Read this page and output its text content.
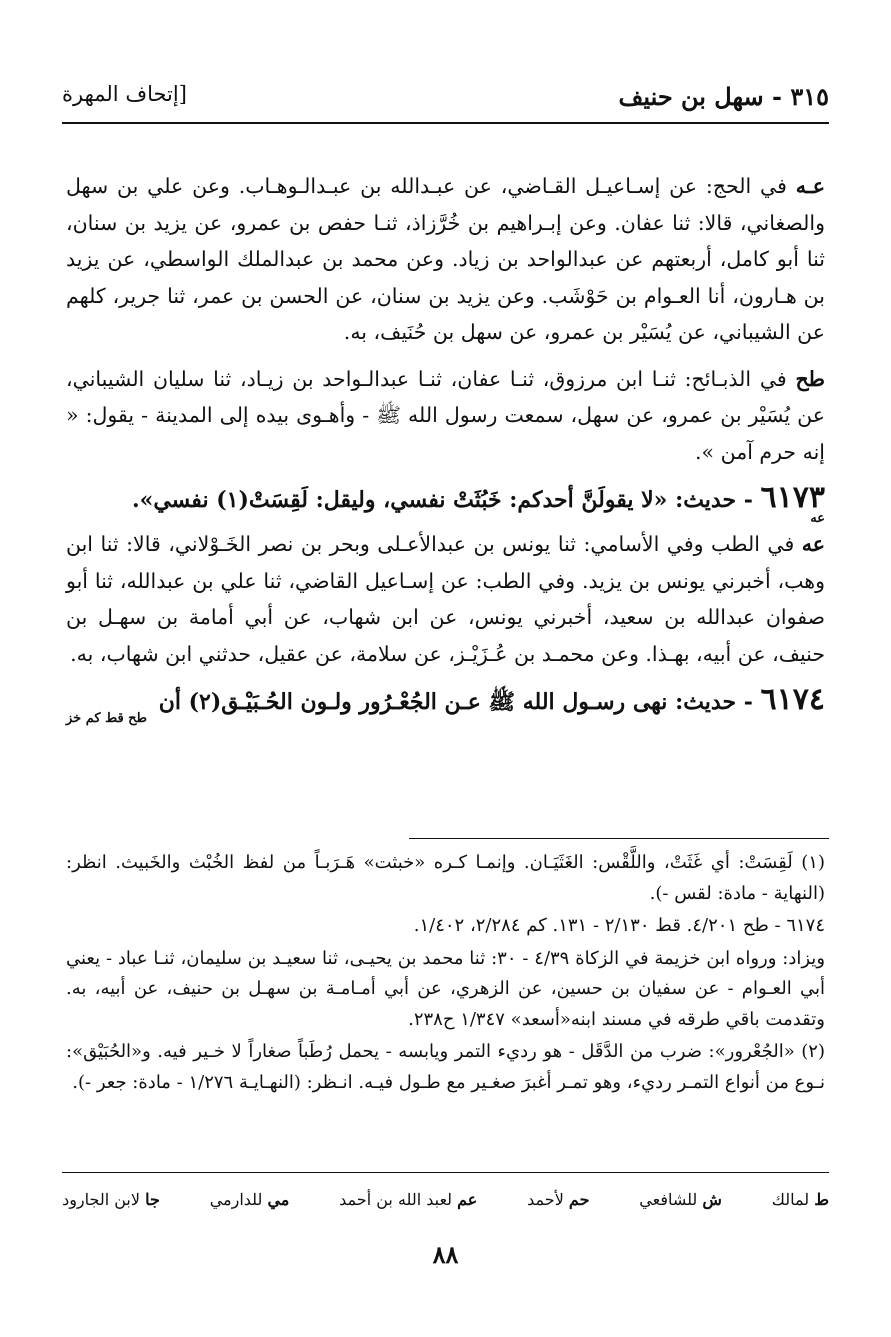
٣١٥ - سهل بن حنيف
[إتحاف المهرة

عـه في الحج: عن إسـاعيـل القـاضي، عن عبـدالله بن عبـدالـوهـاب. وعن علي بن سهل والصغاني، قالا: ثنا عفان. وعن إبـراهيم بن خُرَّزاذ، ثنـا حفص بن عمرو، عن يزيد بن سنان، ثنا أبو كامل، أربعتهم عن عبدالواحد بن زياد. وعن محمد بن عبدالملك الواسطي، عن يزيد بن هـارون، أنا العـوام بن حَوْشَب. وعن يزيد بن سنان، عن الحسن بن عمر، ثنا جرير، كلهم عن الشيباني، عن يُسَيْر بن عمرو، عن سهل بن حُنَيف، به.

طح في الذبـائح: ثنـا ابن مرزوق، ثنـا عفان، ثنـا عبدالـواحد بن زيـاد، ثنا سليان الشيباني، عن يُسَيْر بن عمرو، عن سهل، سمعت رسول الله ﷺ - وأهـوى بيده إلى المدينة - يقول: « إنه حرم آمن ».

٦١٧٣ - حديث: «لا يقولَنَّ أحدكم: خَبُثَتْ نفسي، وليقل: لَقِسَتْ(١) نفسي».

عه

عه في الطب وفي الأسامي: ثنا يونس بن عبدالأعـلى وبحر بن نصر الخَـوْلاني، قالا: ثنا ابن وهب، أخبرني يونس بن يزيد. وفي الطب: عن إسـاعيل القاضي، ثنا علي بن عبدالله، ثنا أبو صفوان عبدالله بن سعيد، أخبرني يونس، عن ابن شهاب، عن أبي أمامة بن سهـل بن حنيف، عن أبيه، بهـذا. وعن محمـد بن عُـزَيْـز، عن سلامة، عن عقيل، حدثني ابن شهاب، به.

٦١٧٤ - حديث: نهى رسـول الله ﷺ عـن الجُعْـرُور ولـون الحُـبَيْـق(٢) أن

طح قط كم خز

(١) لَقِسَتْ: أي غَثَتْ، واللَّقْس: الغَثَيَـان. وإنمـا كـره «خبثت» هَـرَبـاً من لفظ الخُبْث والخَبيث. انظر: (النهاية - مادة: لقس -).

٦١٧٤ - طح ٤/٢٠١. قط ٢/١٣٠ - ١٣١. كم ٢/٢٨٤، ١/٤٠٢.

ويزاد: ورواه ابن خزيمة في الزكاة ٤/٣٩ - ٣٠: ثنا محمد بن يحيـى، ثنا سعيـد بن سليمان، ثنـا عباد - يعني أبي العـوام - عن سفيان بن حسين، عن الزهري، عن أبي أمـامـة بن سهـل بن حنيف، عن أبيه، به. وتقدمت باقي طرقه في مسند ابنه«أسعد» ١/٣٤٧ ح٢٣٨.

(٢) «الجُعْرور»: ضرب من الدَّقَل - هو رديء التمر ويابسه - يحمل رُطَباً صغاراً لا خـير فيه. و«الحُبَيْق»: نـوع من أنواع التمـر رديء، وهو تمـر أغبرَ صغـير مع طـول فيـه. انـظر: (النهـايـة ١/٢٧٦ - مادة: جعر -).

ط لمالك
ش للشافعي
حم لأحمد
عم لعبد الله بن أحمد
مي للدارمي
جا لابن الجارود
٨٨
